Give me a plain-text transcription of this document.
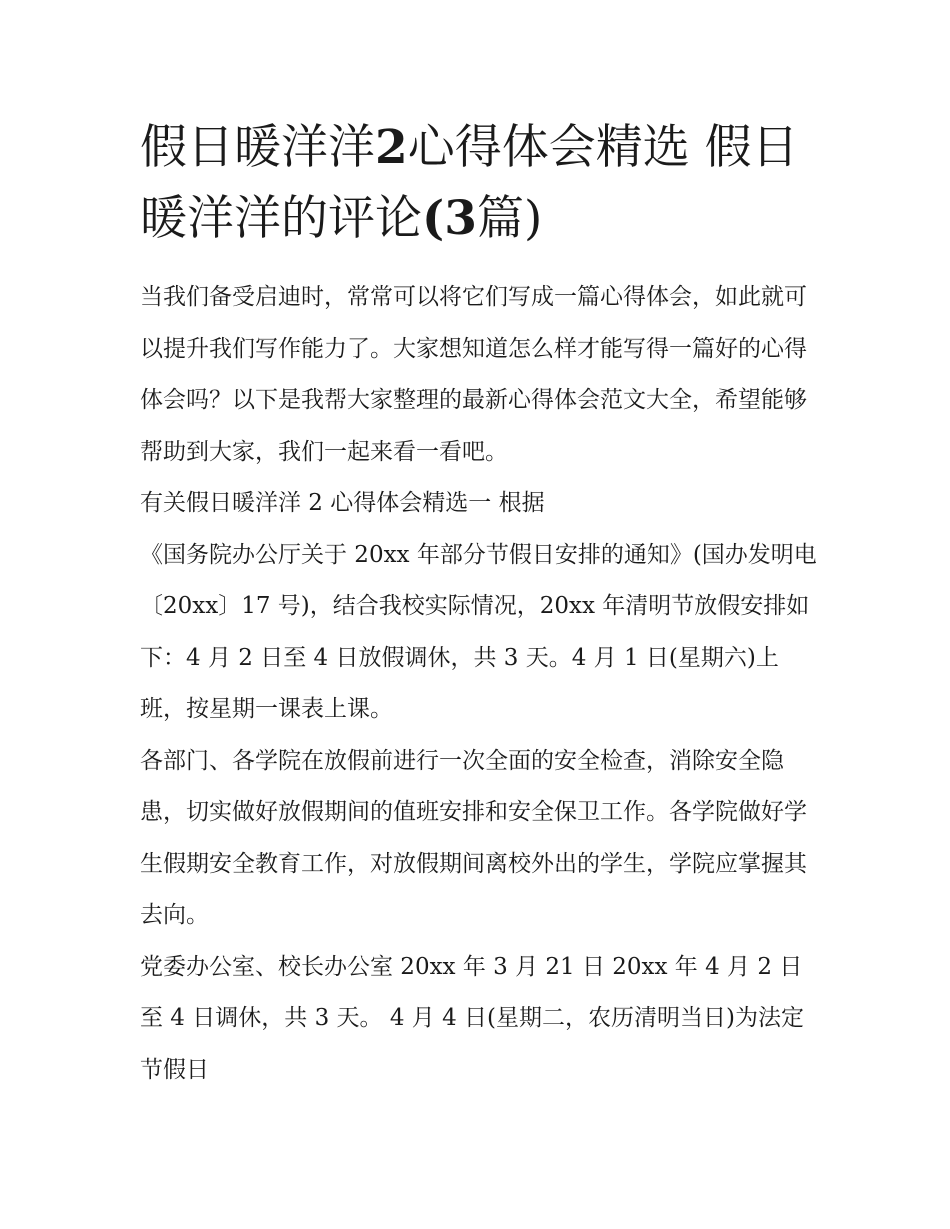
假日暖洋洋2心得体会精选 假日暖洋洋的评论(3篇)

当我们备受启迪时，常常可以将它们写成一篇心得体会，如此就可以提升我们写作能力了。大家想知道怎么样才能写得一篇好的心得体会吗？以下是我帮大家整理的最新心得体会范文大全，希望能够帮助到大家，我们一起来看一看吧。

有关假日暖洋洋 2 心得体会精选一 根据

《国务院办公厅关于 20xx 年部分节假日安排的通知》(国办发明电〔20xx〕17 号)，结合我校实际情况，20xx 年清明节放假安排如下：4 月 2 日至 4 日放假调休，共 3 天。4 月 1 日(星期六)上班，按星期一课表上课。

各部门、各学院在放假前进行一次全面的安全检查，消除安全隐患，切实做好放假期间的值班安排和安全保卫工作。各学院做好学生假期安全教育工作，对放假期间离校外出的学生，学院应掌握其去向。

党委办公室、校长办公室 20xx 年 3 月 21 日 20xx 年 4 月 2 日至 4 日调休，共 3 天。 4 月 4 日(星期二，农历清明当日)为法定节假日
